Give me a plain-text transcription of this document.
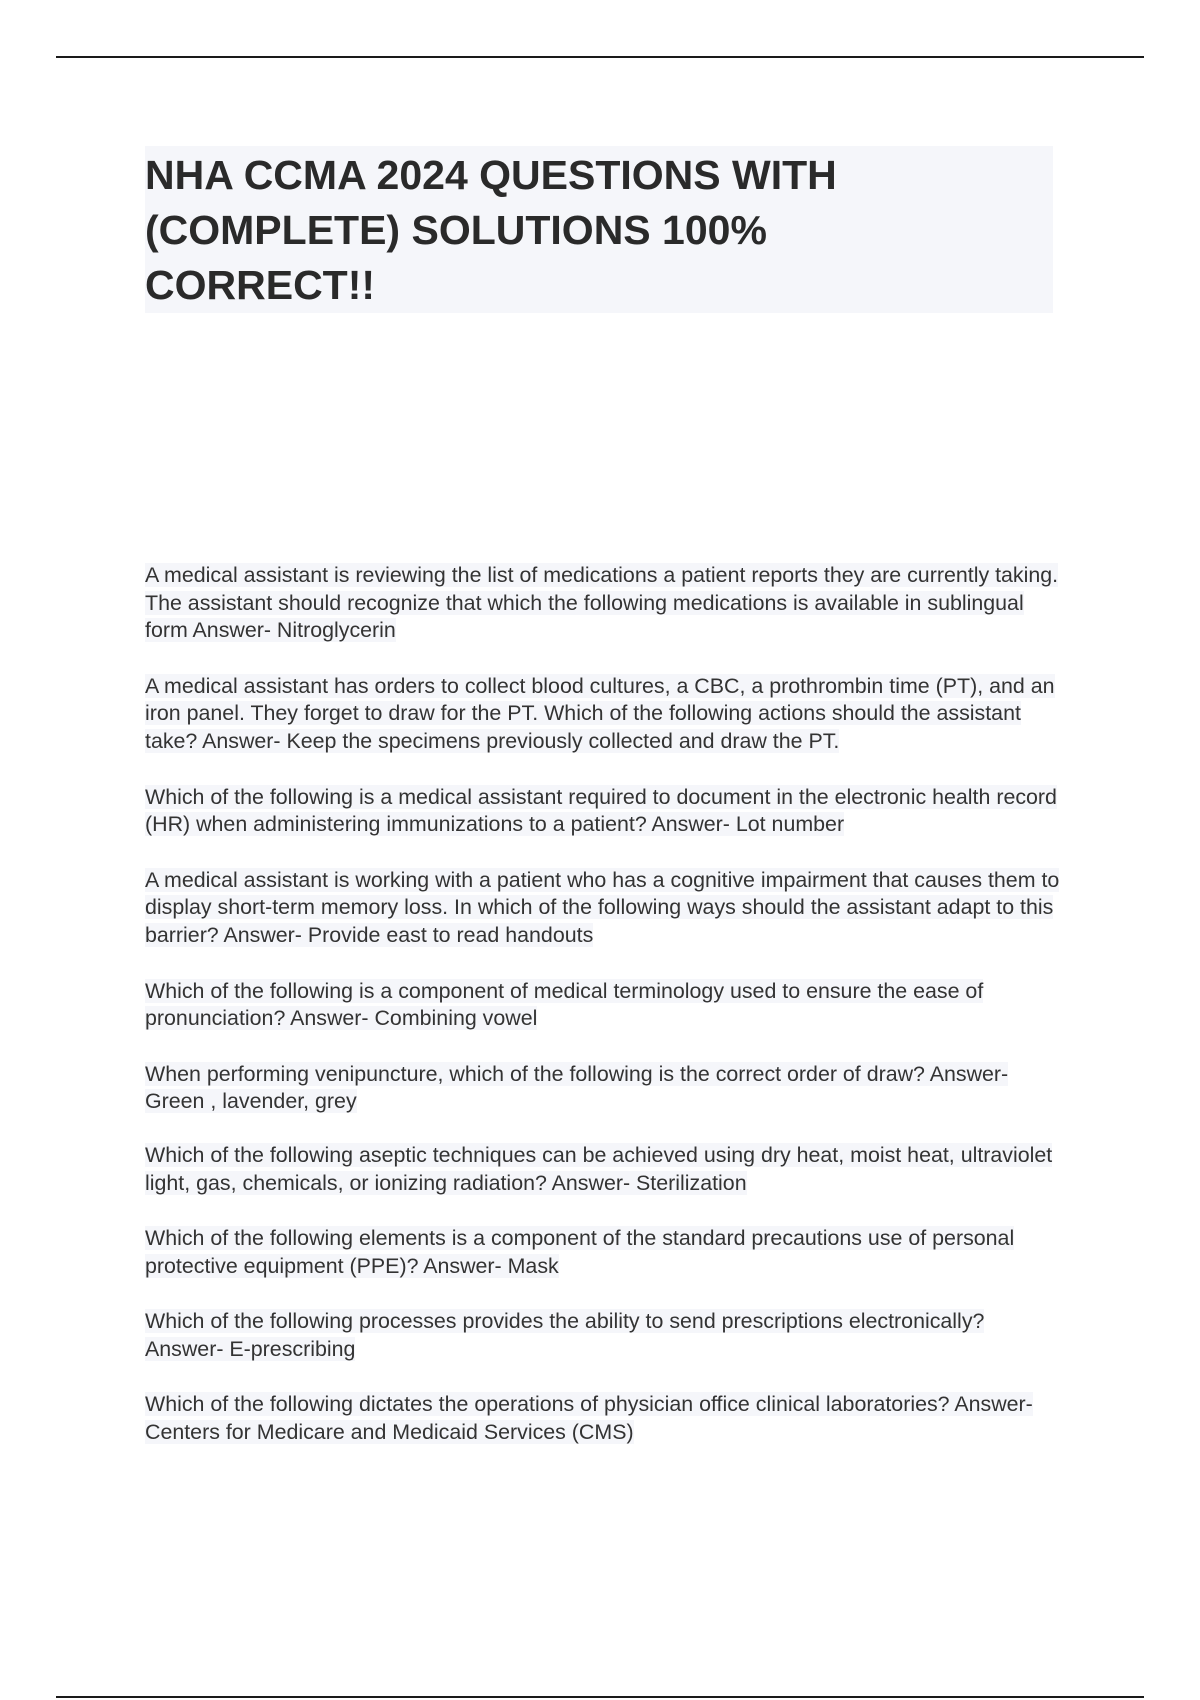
NHA CCMA 2024 QUESTIONS WITH (COMPLETE) SOLUTIONS 100% CORRECT!!

A medical assistant is reviewing the list of medications a patient reports they are currently taking. The assistant should recognize that which the following medications is available in sublingual form Answer- Nitroglycerin

A medical assistant has orders to collect blood cultures, a CBC, a prothrombin time (PT), and an iron panel. They forget to draw for the PT. Which of the following actions should the assistant take? Answer- Keep the specimens previously collected and draw the PT.

Which of the following is a medical assistant required to document in the electronic health record (HR) when administering immunizations to a patient? Answer- Lot number

A medical assistant is working with a patient who has a cognitive impairment that causes them to display short-term memory loss. In which of the following ways should the assistant adapt to this barrier? Answer- Provide east to read handouts

Which of the following is a component of medical terminology used to ensure the ease of pronunciation? Answer- Combining vowel

When performing venipuncture, which of the following is the correct order of draw? Answer- Green , lavender, grey

Which of the following aseptic techniques can be achieved using dry heat, moist heat, ultraviolet light, gas, chemicals, or ionizing radiation? Answer- Sterilization

Which of the following elements is a component of the standard precautions use of personal protective equipment (PPE)? Answer- Mask

Which of the following processes provides the ability to send prescriptions electronically? Answer- E-prescribing

Which of the following dictates the operations of physician office clinical laboratories? Answer- Centers for Medicare and Medicaid Services (CMS)
